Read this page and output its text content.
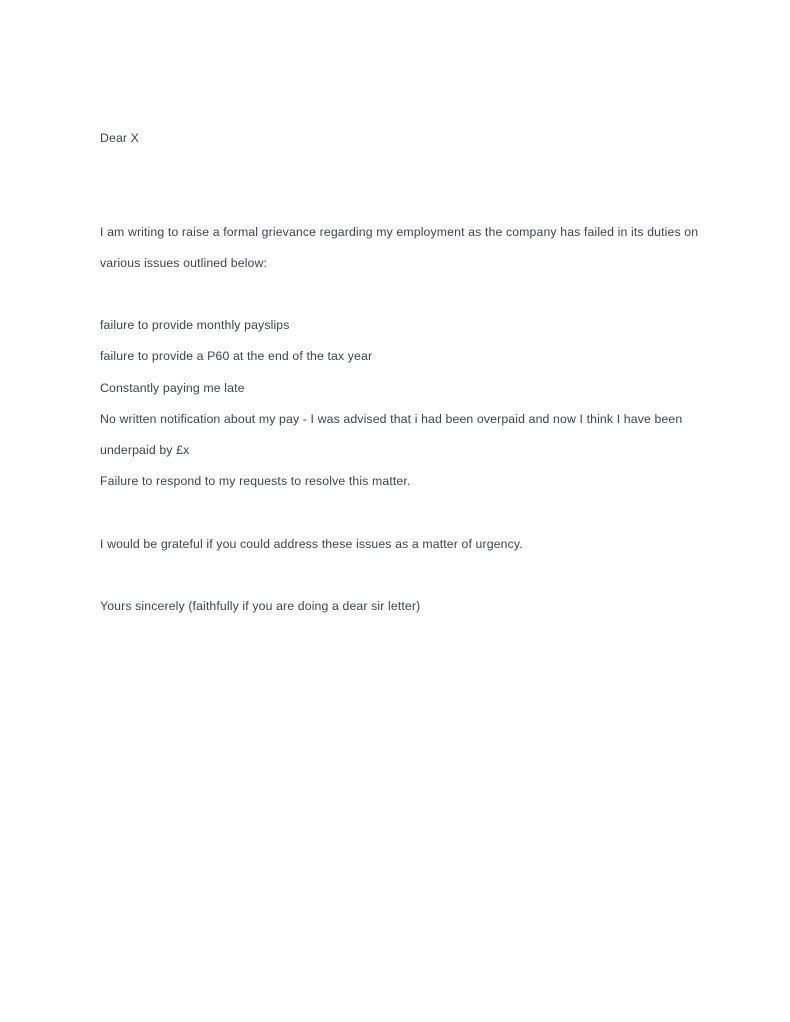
Dear X

I am writing to raise a formal grievance regarding my employment as the company has failed in its duties on various issues outlined below:

failure to provide monthly payslips
failure to provide a P60 at the end of the tax year
Constantly paying me late
No written notification about my pay - I was advised that i had been overpaid and now I think I have been underpaid by £x
Failure to respond to my requests to resolve this matter.

I would be grateful if you could address these issues as a matter of urgency.

Yours sincerely (faithfully if you are doing a dear sir letter)
